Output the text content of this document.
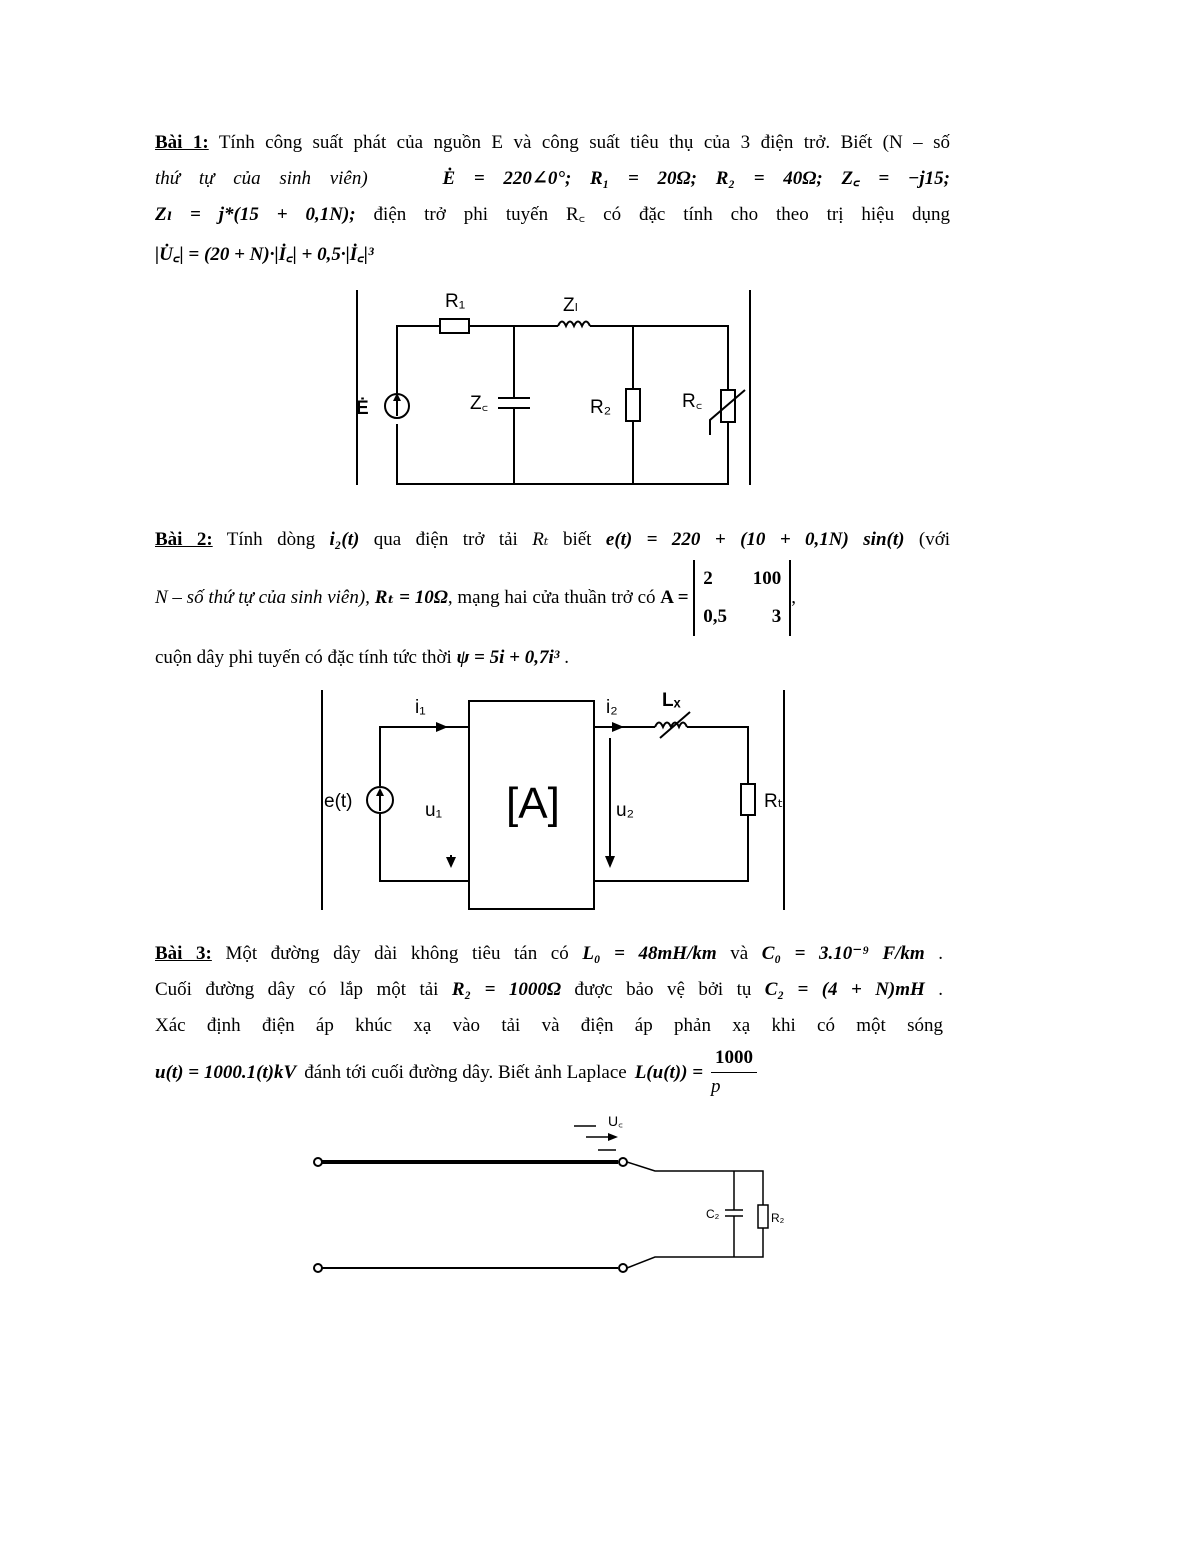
Bài 1: Tính công suất phát của nguồn E và công suất tiêu thụ của 3 điện trở. Biết (N – số
thứ tự của sinh viên)	Ė = 220∠0°; R₁ = 20Ω; R₂ = 40Ω; Z꜀ = −j15;
Zₗ = j*(15 + 0,1N); điện trở phi tuyến R꜀ có đặc tính cho theo trị hiệu dụng
|U̇꜀| = (20 + N)·|İ꜀| + 0,5·|İ꜀|³
Bài 2: Tính dòng i₂(t) qua điện trở tải Rₜ biết e(t) = 220 + (10 + 0,1N) sin(t) (với
N – số thứ tự của sinh viên),
Rₜ = 10Ω , mạng hai cửa thuần trở có
A =

2 100
0,5 3
,
cuộn dây phi tuyến có đặc tính tức thời ψ = 5i + 0,7i³ .
Bài 3: Một đường dây dài không tiêu tán có L₀ = 48mH/km và C₀ = 3.10⁻⁹ F/km .
Cuối đường dây có lắp một tải R₂ = 1000Ω được bảo vệ bởi tụ C₂ = (4 + N)mH .
Xác định điện áp khúc xạ vào tải và điện áp phản xạ khi có một sóng
u(t) = 1000.1(t)kV đánh tới cuối đường dây. Biết ảnh Laplace $L(u(t)) = \frac{1000}{p}$
R₁	Zₗ
Ė	Z꜀	R₂	R꜀
i₁	i₂ Lₓ
e(t)	u₁ [A]	u₂	Rₜ
U꜀
C₂	R₂
